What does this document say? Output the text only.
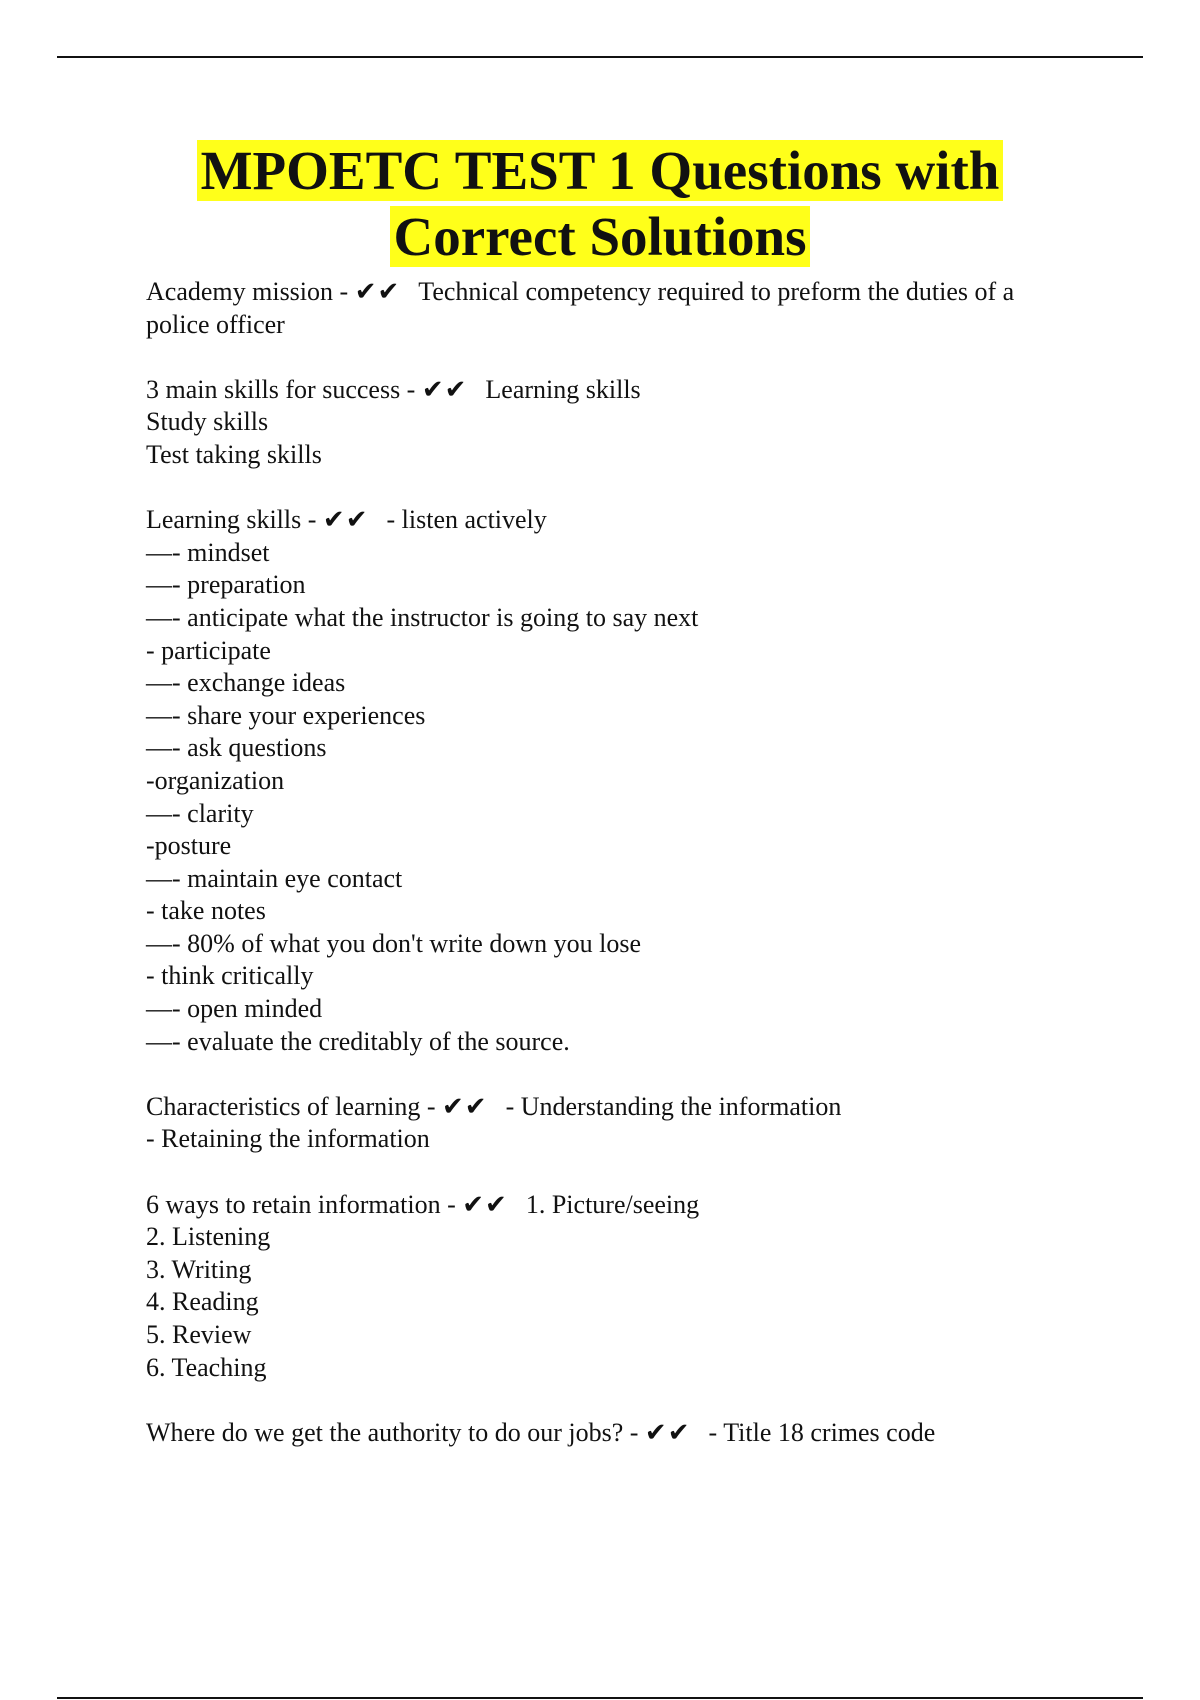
MPOETC TEST 1 Questions with
Correct Solutions
Academy mission - ✔✔ Technical competency required to preform the duties of a police officer
3 main skills for success - ✔✔ Learning skills
Study skills
Test taking skills
Learning skills - ✔✔ - listen actively
—- mindset
—- preparation
—- anticipate what the instructor is going to say next
- participate
—- exchange ideas
—- share your experiences
—- ask questions
-organization
—- clarity
-posture
—- maintain eye contact
- take notes
—- 80% of what you don't write down you lose
- think critically
—- open minded
—- evaluate the creditably of the source.
Characteristics of learning - ✔✔ - Understanding the information
- Retaining the information
6 ways to retain information - ✔✔ 1. Picture/seeing
2. Listening
3. Writing
4. Reading
5. Review
6. Teaching
Where do we get the authority to do our jobs? - ✔✔ - Title 18 crimes code
